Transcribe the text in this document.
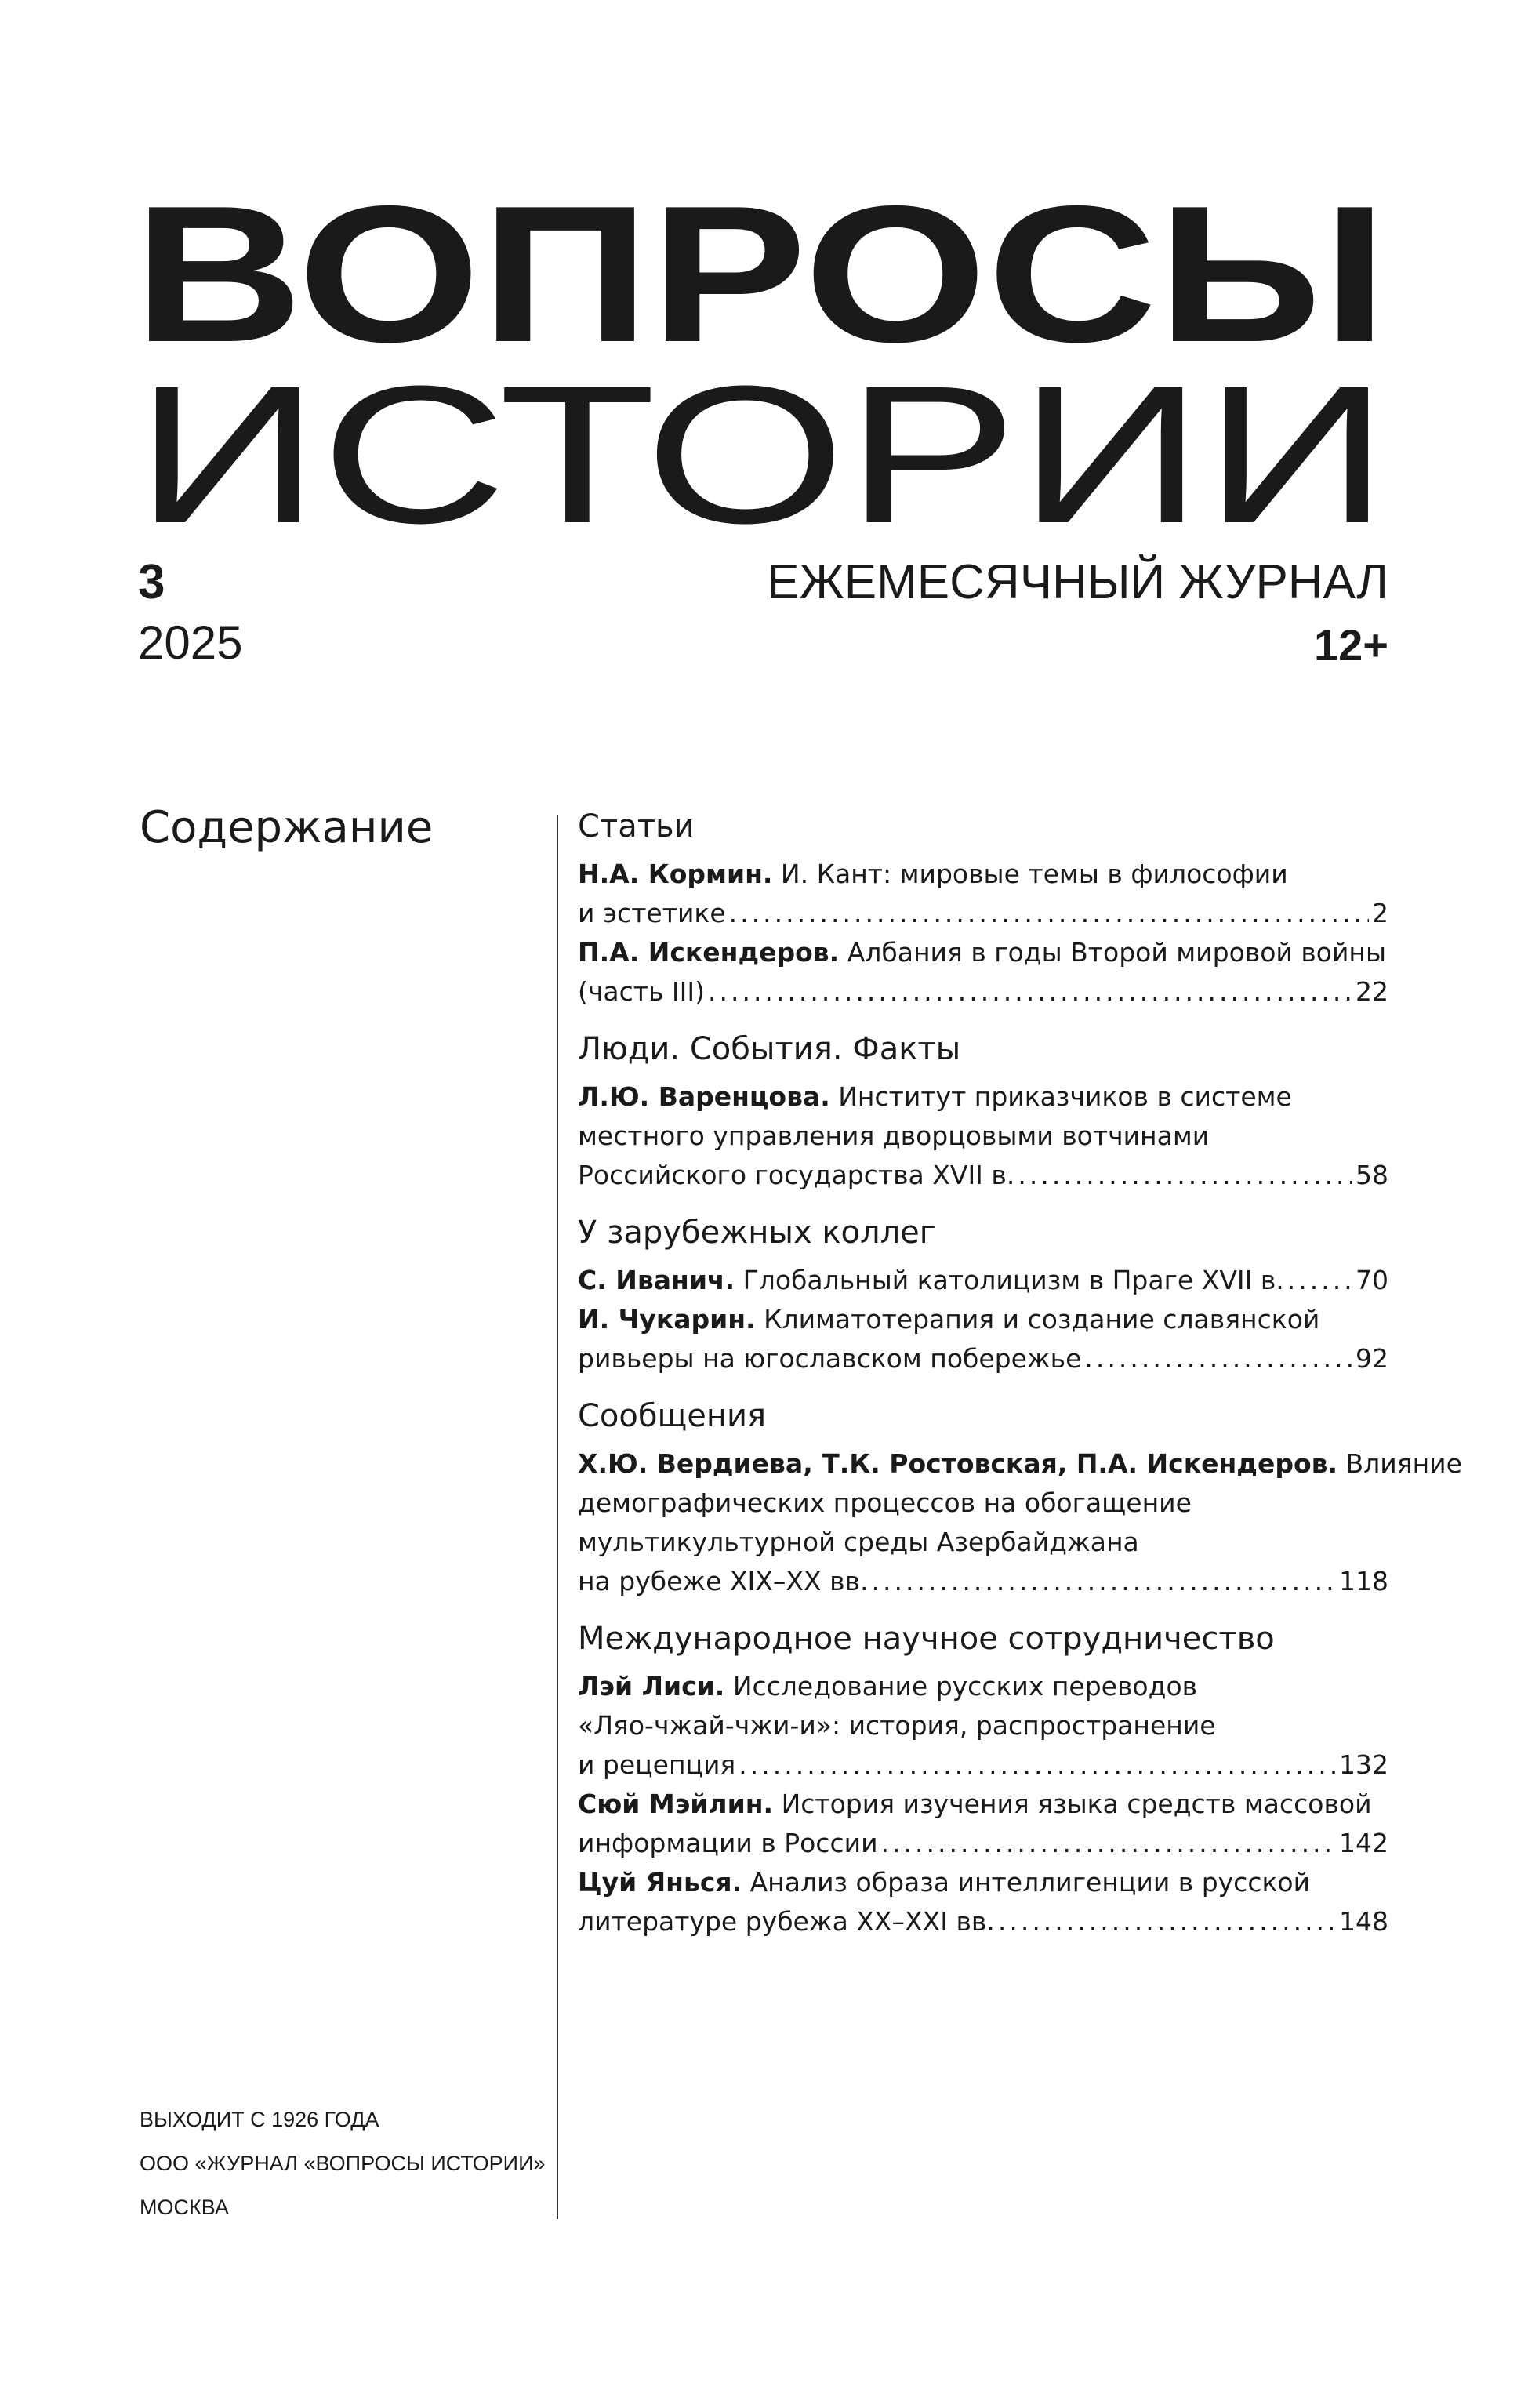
ВОПРОСЫ
ИСТОРИИ
3
2025
ЕЖЕМЕСЯЧНЫЙ ЖУРНАЛ
12+
Содержание	Статьи
Н.А. Кормин. И. Кант: мировые темы в философии
и эстетике .....	2
П.А. Искендеров. Албания в годы Второй мировой войны
(часть III) .....	22
Люди. События. Факты
Л.Ю. Варенцова. Институт приказчиков в системе
местного управления дворцовыми вотчинами
Российского государства XVII в. .....	58
У зарубежных коллег
С. Иванич. Глобальный католицизм в Праге XVII в. .....	70
И. Чукарин. Климатотерапия и создание славянской
ривьеры на югославском побережье .....	92
Сообщения
Х.Ю. Вердиева, Т.К. Ростовская, П.А. Искендеров. Влияние
демографических процессов на обогащение
мультикультурной среды Азербайджана
на рубеже XIX–XX вв. .....	118
Международное научное сотрудничество
Лэй Лиси. Исследование русских переводов
«Ляо-чжай-чжи-и»: история, распространение
и рецепция .....	132
Сюй Мэйлин. История изучения языка средств массовой
информации в России .....	142
Цуй Янься. Анализ образа интеллигенции в русской
литературе рубежа XX–XXI вв. .....	148
ВЫХОДИТ С 1926 ГОДА
ООО «ЖУРНАЛ «ВОПРОСЫ ИСТОРИИ»
МОСКВА
